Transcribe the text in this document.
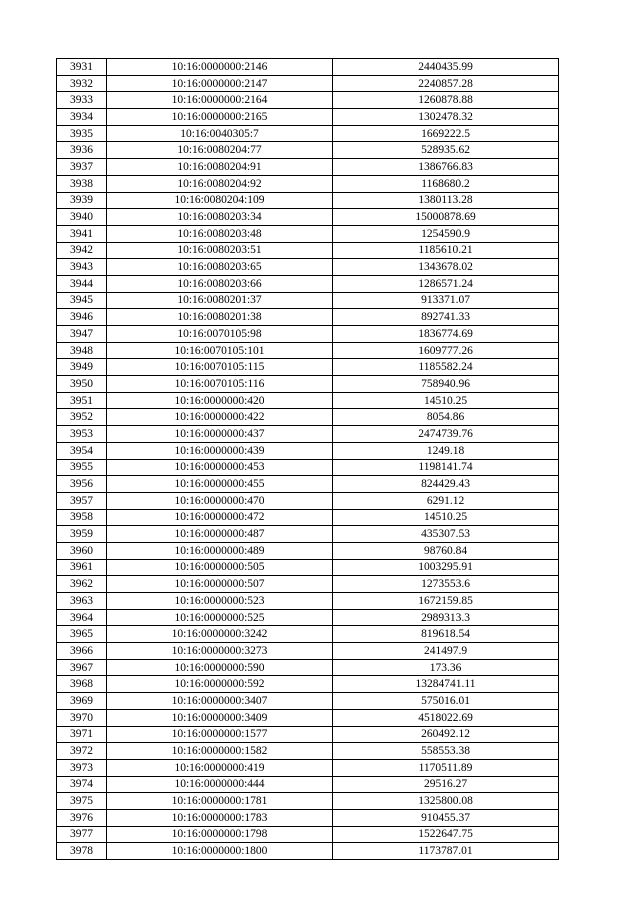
3931	10:16:0000000:2146	2440435.99
3932	10:16:0000000:2147	2240857.28
3933	10:16:0000000:2164	1260878.88
3934	10:16:0000000:2165	1302478.32
3935	10:16:0040305:7	1669222.5
3936	10:16:0080204:77	528935.62
3937	10:16:0080204:91	1386766.83
3938	10:16:0080204:92	1168680.2
3939	10:16:0080204:109	1380113.28
3940	10:16:0080203:34	15000878.69
3941	10:16:0080203:48	1254590.9
3942	10:16:0080203:51	1185610.21
3943	10:16:0080203:65	1343678.02
3944	10:16:0080203:66	1286571.24
3945	10:16:0080201:37	913371.07
3946	10:16:0080201:38	892741.33
3947	10:16:0070105:98	1836774.69
3948	10:16:0070105:101	1609777.26
3949	10:16:0070105:115	1185582.24
3950	10:16:0070105:116	758940.96
3951	10:16:0000000:420	14510.25
3952	10:16:0000000:422	8054.86
3953	10:16:0000000:437	2474739.76
3954	10:16:0000000:439	1249.18
3955	10:16:0000000:453	1198141.74
3956	10:16:0000000:455	824429.43
3957	10:16:0000000:470	6291.12
3958	10:16:0000000:472	14510.25
3959	10:16:0000000:487	435307.53
3960	10:16:0000000:489	98760.84
3961	10:16:0000000:505	1003295.91
3962	10:16:0000000:507	1273553.6
3963	10:16:0000000:523	1672159.85
3964	10:16:0000000:525	2989313.3
3965	10:16:0000000:3242	819618.54
3966	10:16:0000000:3273	241497.9
3967	10:16:0000000:590	173.36
3968	10:16:0000000:592	13284741.11
3969	10:16:0000000:3407	575016.01
3970	10:16:0000000:3409	4518022.69
3971	10:16:0000000:1577	260492.12
3972	10:16:0000000:1582	558553.38
3973	10:16:0000000:419	1170511.89
3974	10:16:0000000:444	29516.27
3975	10:16:0000000:1781	1325800.08
3976	10:16:0000000:1783	910455.37
3977	10:16:0000000:1798	1522647.75
3978	10:16:0000000:1800	1173787.01
